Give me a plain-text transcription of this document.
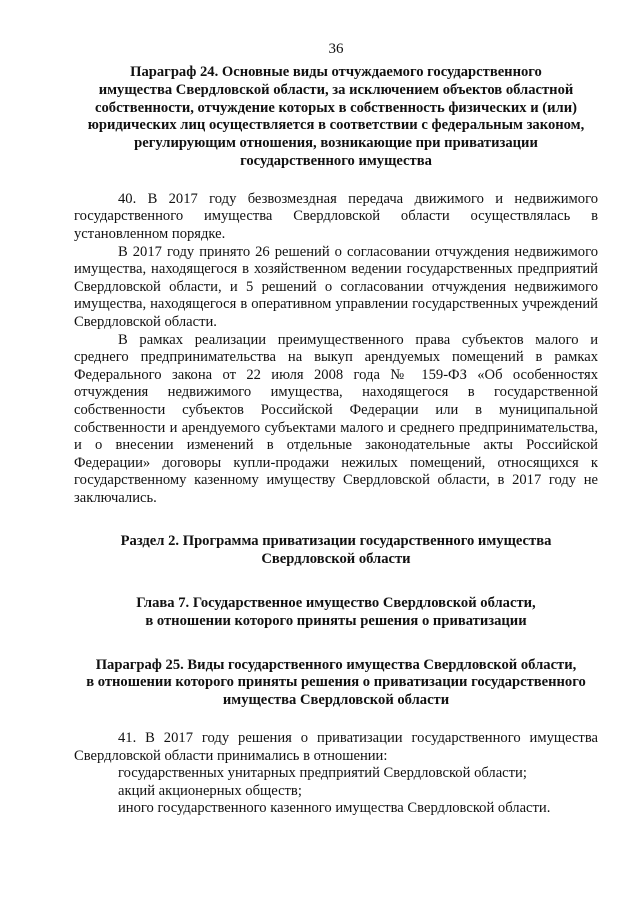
36
Параграф 24. Основные виды отчуждаемого государственного
имущества Свердловской области, за исключением объектов областной
собственности, отчуждение которых в собственность физических и (или)
юридических лиц осуществляется в соответствии с федеральным законом,
регулирующим отношения, возникающие при приватизации
государственного имущества

40. В 2017 году безвозмездная передача движимого и недвижимого государственного имущества Свердловской области осуществлялась в установленном порядке.

В 2017 году принято 26 решений о согласовании отчуждения недвижимого имущества, находящегося в хозяйственном ведении государственных предприятий Свердловской области, и 5 решений о согласовании отчуждения недвижимого имущества, находящегося в оперативном управлении государственных учреждений Свердловской области.

В рамках реализации преимущественного права субъектов малого и среднего предпринимательства на выкуп арендуемых помещений в рамках Федерального закона от 22 июля 2008 года № 159-ФЗ «Об особенностях отчуждения недвижимого имущества, находящегося в государственной собственности субъектов Российской Федерации или в муниципальной собственности и арендуемого субъектами малого и среднего предпринимательства, и о внесении изменений в отдельные законодательные акты Российской Федерации» договоры купли-продажи нежилых помещений, относящихся к государственному казенному имуществу Свердловской области, в 2017 году не заключались.

Раздел 2. Программа приватизации государственного имущества
Свердловской области
Глава 7. Государственное имущество Свердловской области,
в отношении которого приняты решения о приватизации
Параграф 25. Виды государственного имущества Свердловской области,
в отношении которого приняты решения о приватизации государственного
имущества Свердловской области

41. В 2017 году решения о приватизации государственного имущества Свердловской области принимались в отношении:

государственных унитарных предприятий Свердловской области;

акций акционерных обществ;

иного государственного казенного имущества Свердловской области.
